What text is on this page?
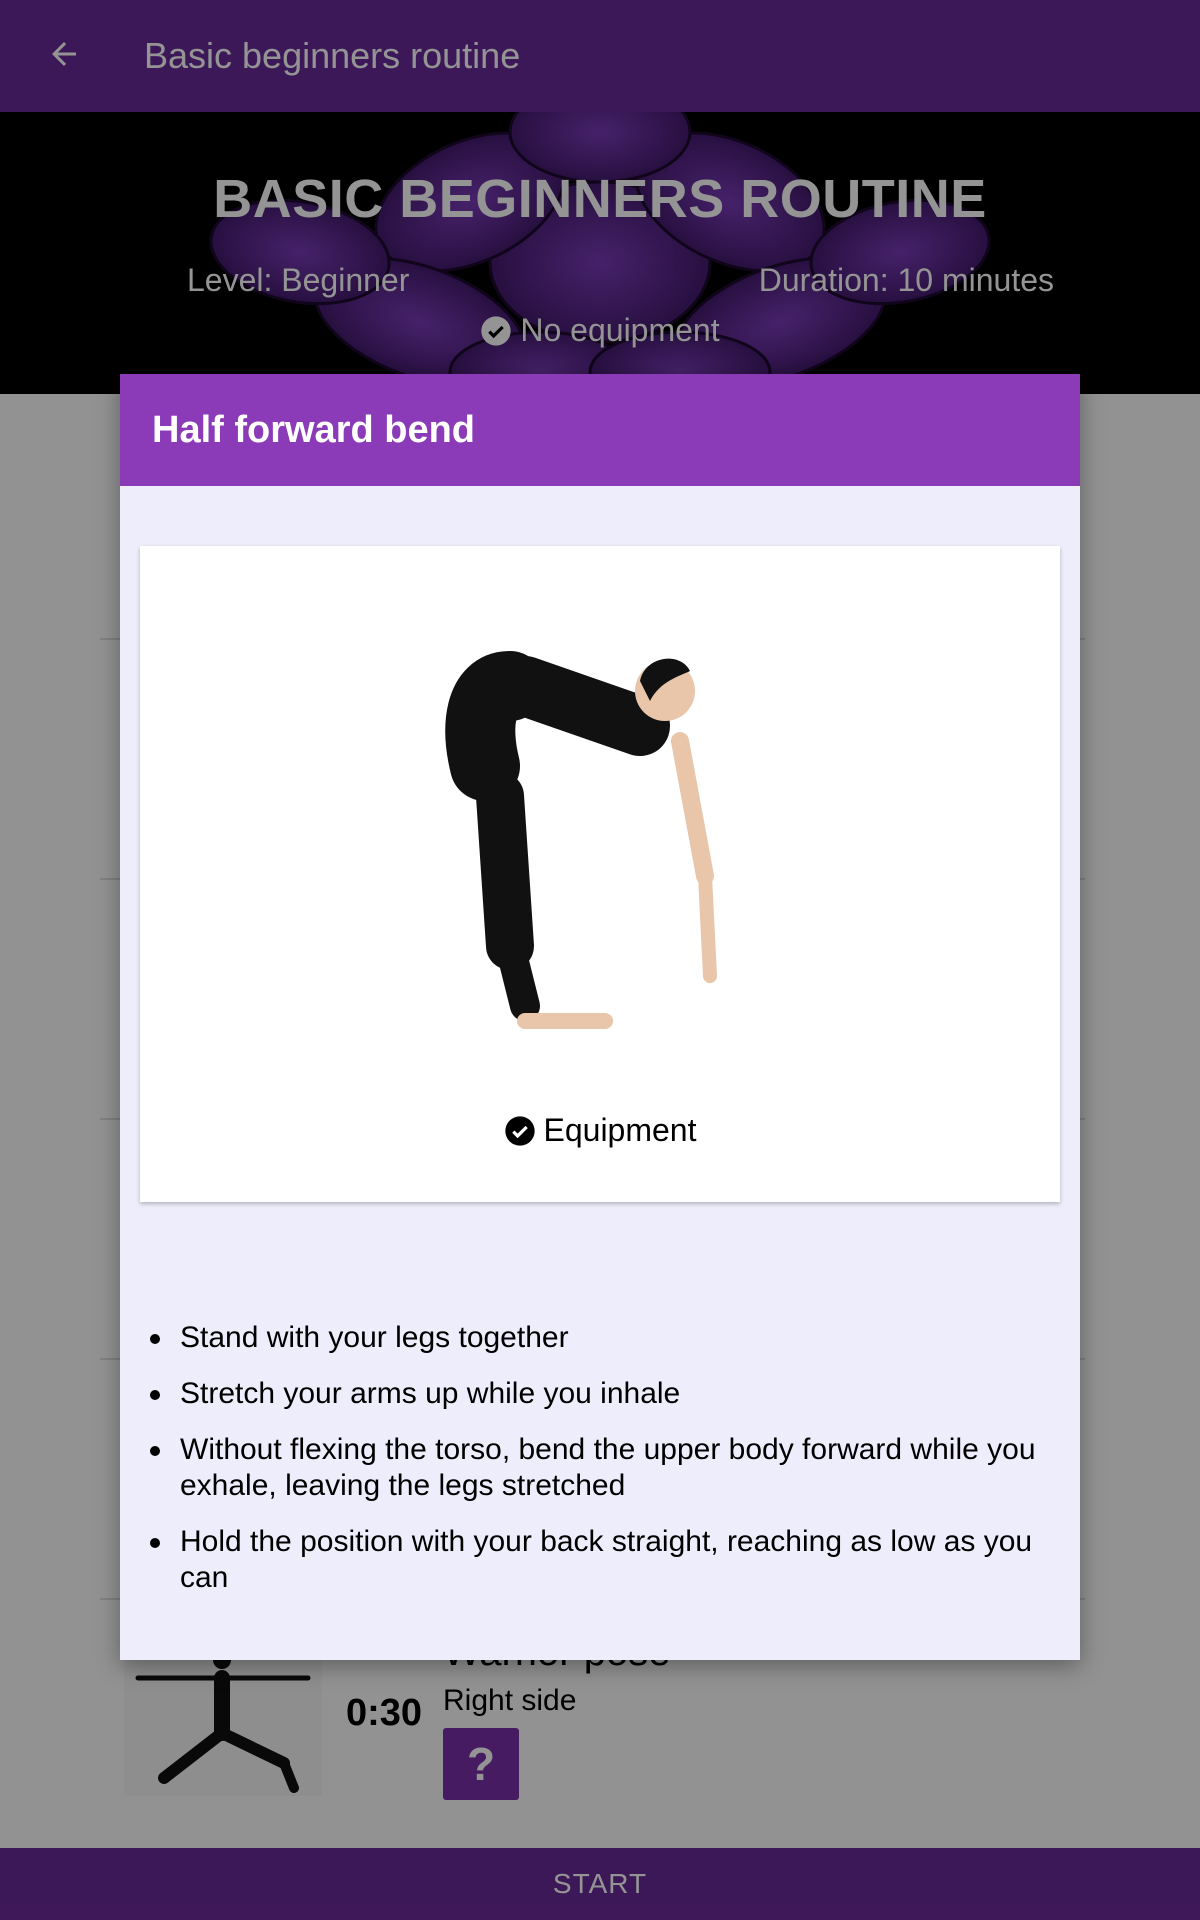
Basic beginners routine
BASIC BEGINNERS ROUTINE
Level: Beginner	Duration: 10 minutes
No equipment
0:30 Right side
?
START
Half forward bend
Equipment
Stand with your legs together
Stretch your arms up while you inhale
Without flexing the torso, bend the upper body forward while you exhale, leaving the legs stretched
Hold the position with your back straight, reaching as low as you can
